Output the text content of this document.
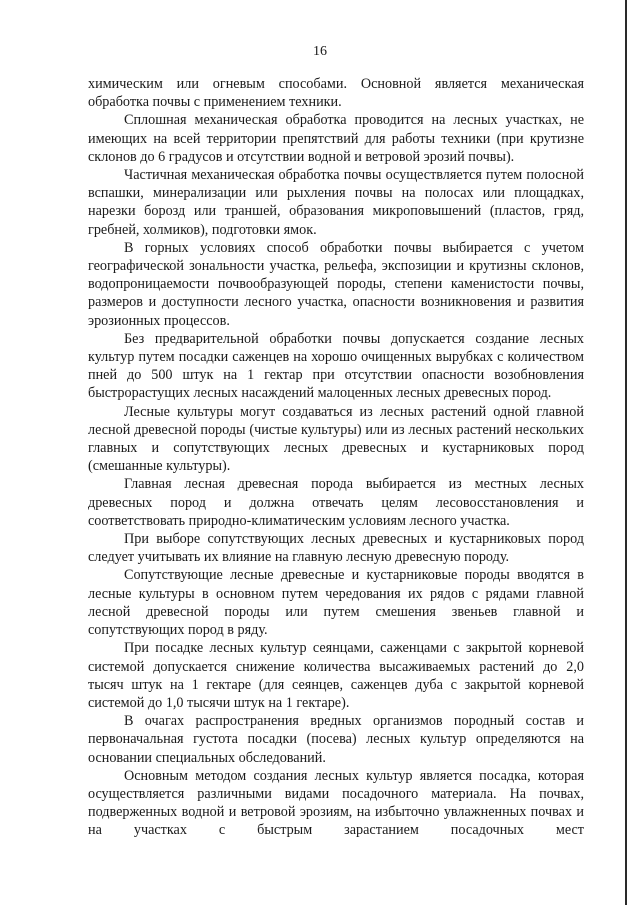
16

химическим или огневым способами. Основной является механическая обработка почвы с применением техники.

Сплошная механическая обработка проводится на лесных участках, не имеющих на всей территории препятствий для работы техники (при крутизне склонов до 6 градусов и отсутствии водной и ветровой эрозий почвы).

Частичная механическая обработка почвы осуществляется путем полосной вспашки, минерализации или рыхления почвы на полосах или площадках, нарезки борозд или траншей, образования микроповышений (пластов, гряд, гребней, холмиков), подготовки ямок.

В горных условиях способ обработки почвы выбирается с учетом географической зональности участка, рельефа, экспозиции и крутизны склонов, водопроницаемости почвообразующей породы, степени каменистости почвы, размеров и доступности лесного участка, опасности возникновения и развития эрозионных процессов.

Без предварительной обработки почвы допускается создание лесных культур путем посадки саженцев на хорошо очищенных вырубках с количеством пней до 500 штук на 1 гектар при отсутствии опасности возобновления быстрорастущих лесных насаждений малоценных лесных древесных пород.

Лесные культуры могут создаваться из лесных растений одной главной лесной древесной породы (чистые культуры) или из лесных растений нескольких главных и сопутствующих лесных древесных и кустарниковых пород (смешанные культуры).

Главная лесная древесная порода выбирается из местных лесных древесных пород и должна отвечать целям лесовосстановления и соответствовать природно-климатическим условиям лесного участка.

При выборе сопутствующих лесных древесных и кустарниковых пород следует учитывать их влияние на главную лесную древесную породу.

Сопутствующие лесные древесные и кустарниковые породы вводятся в лесные культуры в основном путем чередования их рядов с рядами главной лесной древесной породы или путем смешения звеньев главной и сопутствующих пород в ряду.

При посадке лесных культур сеянцами, саженцами с закрытой корневой системой допускается снижение количества высаживаемых растений до 2,0 тысяч штук на 1 гектаре (для сеянцев, саженцев дуба с закрытой корневой системой до 1,0 тысячи штук на 1 гектаре).

В очагах распространения вредных организмов породный состав и первоначальная густота посадки (посева) лесных культур определяются на основании специальных обследований.

Основным методом создания лесных культур является посадка, которая осуществляется различными видами посадочного материала. На почвах, подверженных водной и ветровой эрозиям, на избыточно увлажненных почвах и на участках с быстрым зарастанием посадочных мест
